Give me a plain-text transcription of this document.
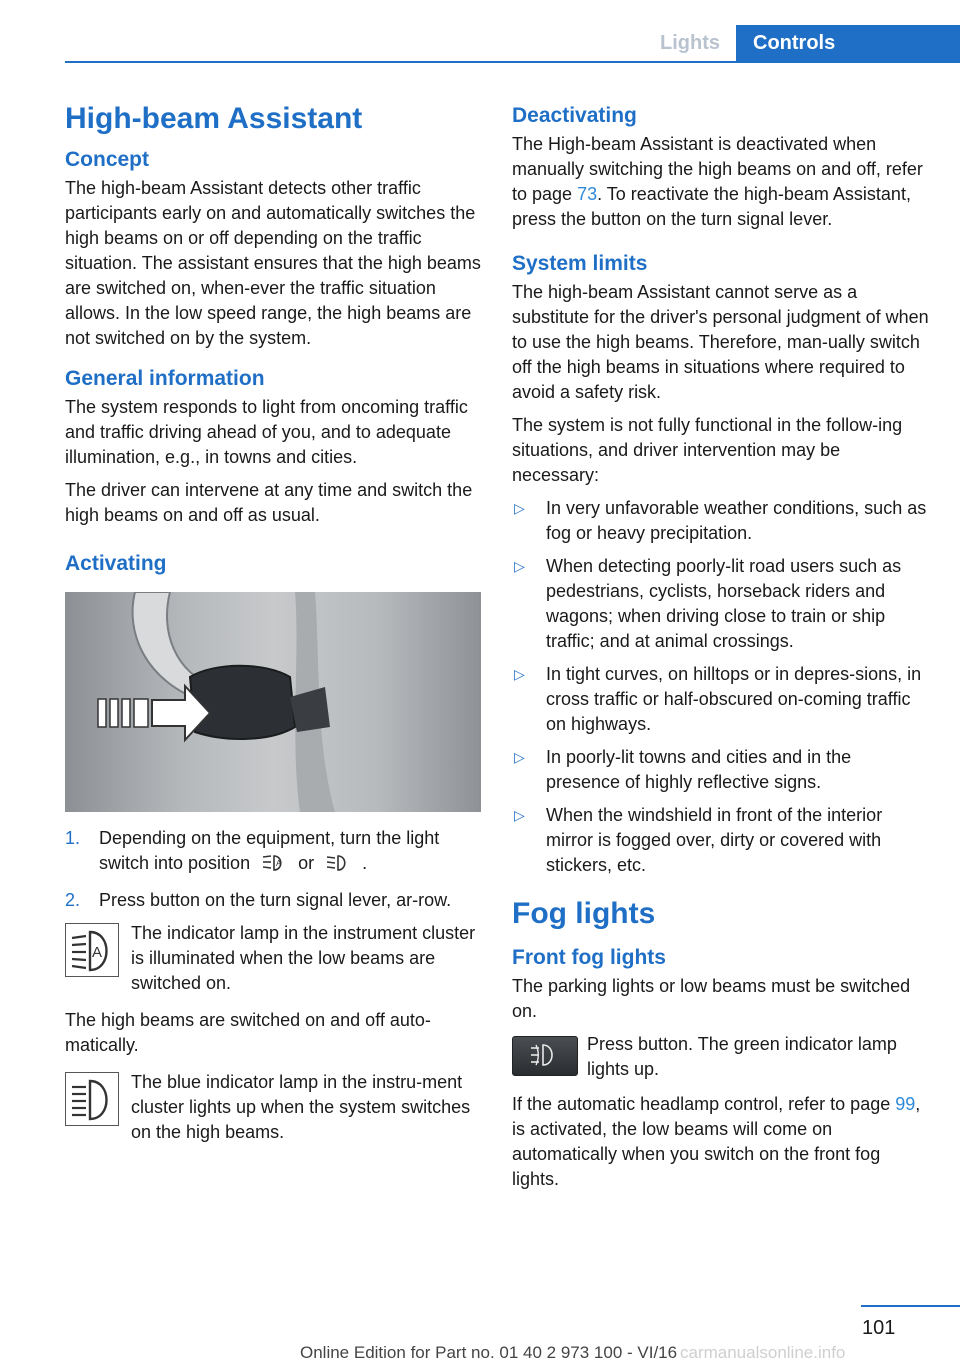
Lights	Controls
High-beam Assistant
Concept

The high-beam Assistant detects other traffic participants early on and automatically switches the high beams on or off depending on the traffic situation. The assistant ensures that the high beams are switched on, when-ever the traffic situation allows. In the low speed range, the high beams are not switched on by the system.

General information

The system responds to light from oncoming traffic and traffic driving ahead of you, and to adequate illumination, e.g., in towns and cities.

The driver can intervene at any time and switch the high beams on and off as usual.

Activating
1. Depending on the equipment, turn the light switch into position	A or	.
2. Press button on the turn signal lever, ar-row.
A

The indicator lamp in the instrument cluster is illuminated when the low beams are switched on.

The high beams are switched on and off auto-matically.

The blue indicator lamp in the instru-ment cluster lights up when the system switches on the high beams.

Deactivating

The High-beam Assistant is deactivated when manually switching the high beams on and off, refer to page 73. To reactivate the high-beam Assistant, press the button on the turn signal lever.

System limits

The high-beam Assistant cannot serve as a substitute for the driver's personal judgment of when to use the high beams. Therefore, man-ually switch off the high beams in situations where required to avoid a safety risk.

The system is not fully functional in the follow-ing situations, and driver intervention may be necessary:

▷ In very unfavorable weather conditions, such as fog or heavy precipitation.
▷ When detecting poorly-lit road users such as pedestrians, cyclists, horseback riders and wagons; when driving close to train or ship traffic; and at animal crossings.
▷ In tight curves, on hilltops or in depres-sions, in cross traffic or half-obscured on-coming traffic on highways.
▷ In poorly-lit towns and cities and in the presence of highly reflective signs.
▷ When the windshield in front of the interior mirror is fogged over, dirty or covered with stickers, etc.
Fog lights
Front fog lights

The parking lights or low beams must be switched on.

Press button. The green indicator lamp lights up.

If the automatic headlamp control, refer to page 99, is activated, the low beams will come on automatically when you switch on the front fog lights.

101
Online Edition for Part no. 01 40 2 973 100 - VI/16 carmanualsonline.info
